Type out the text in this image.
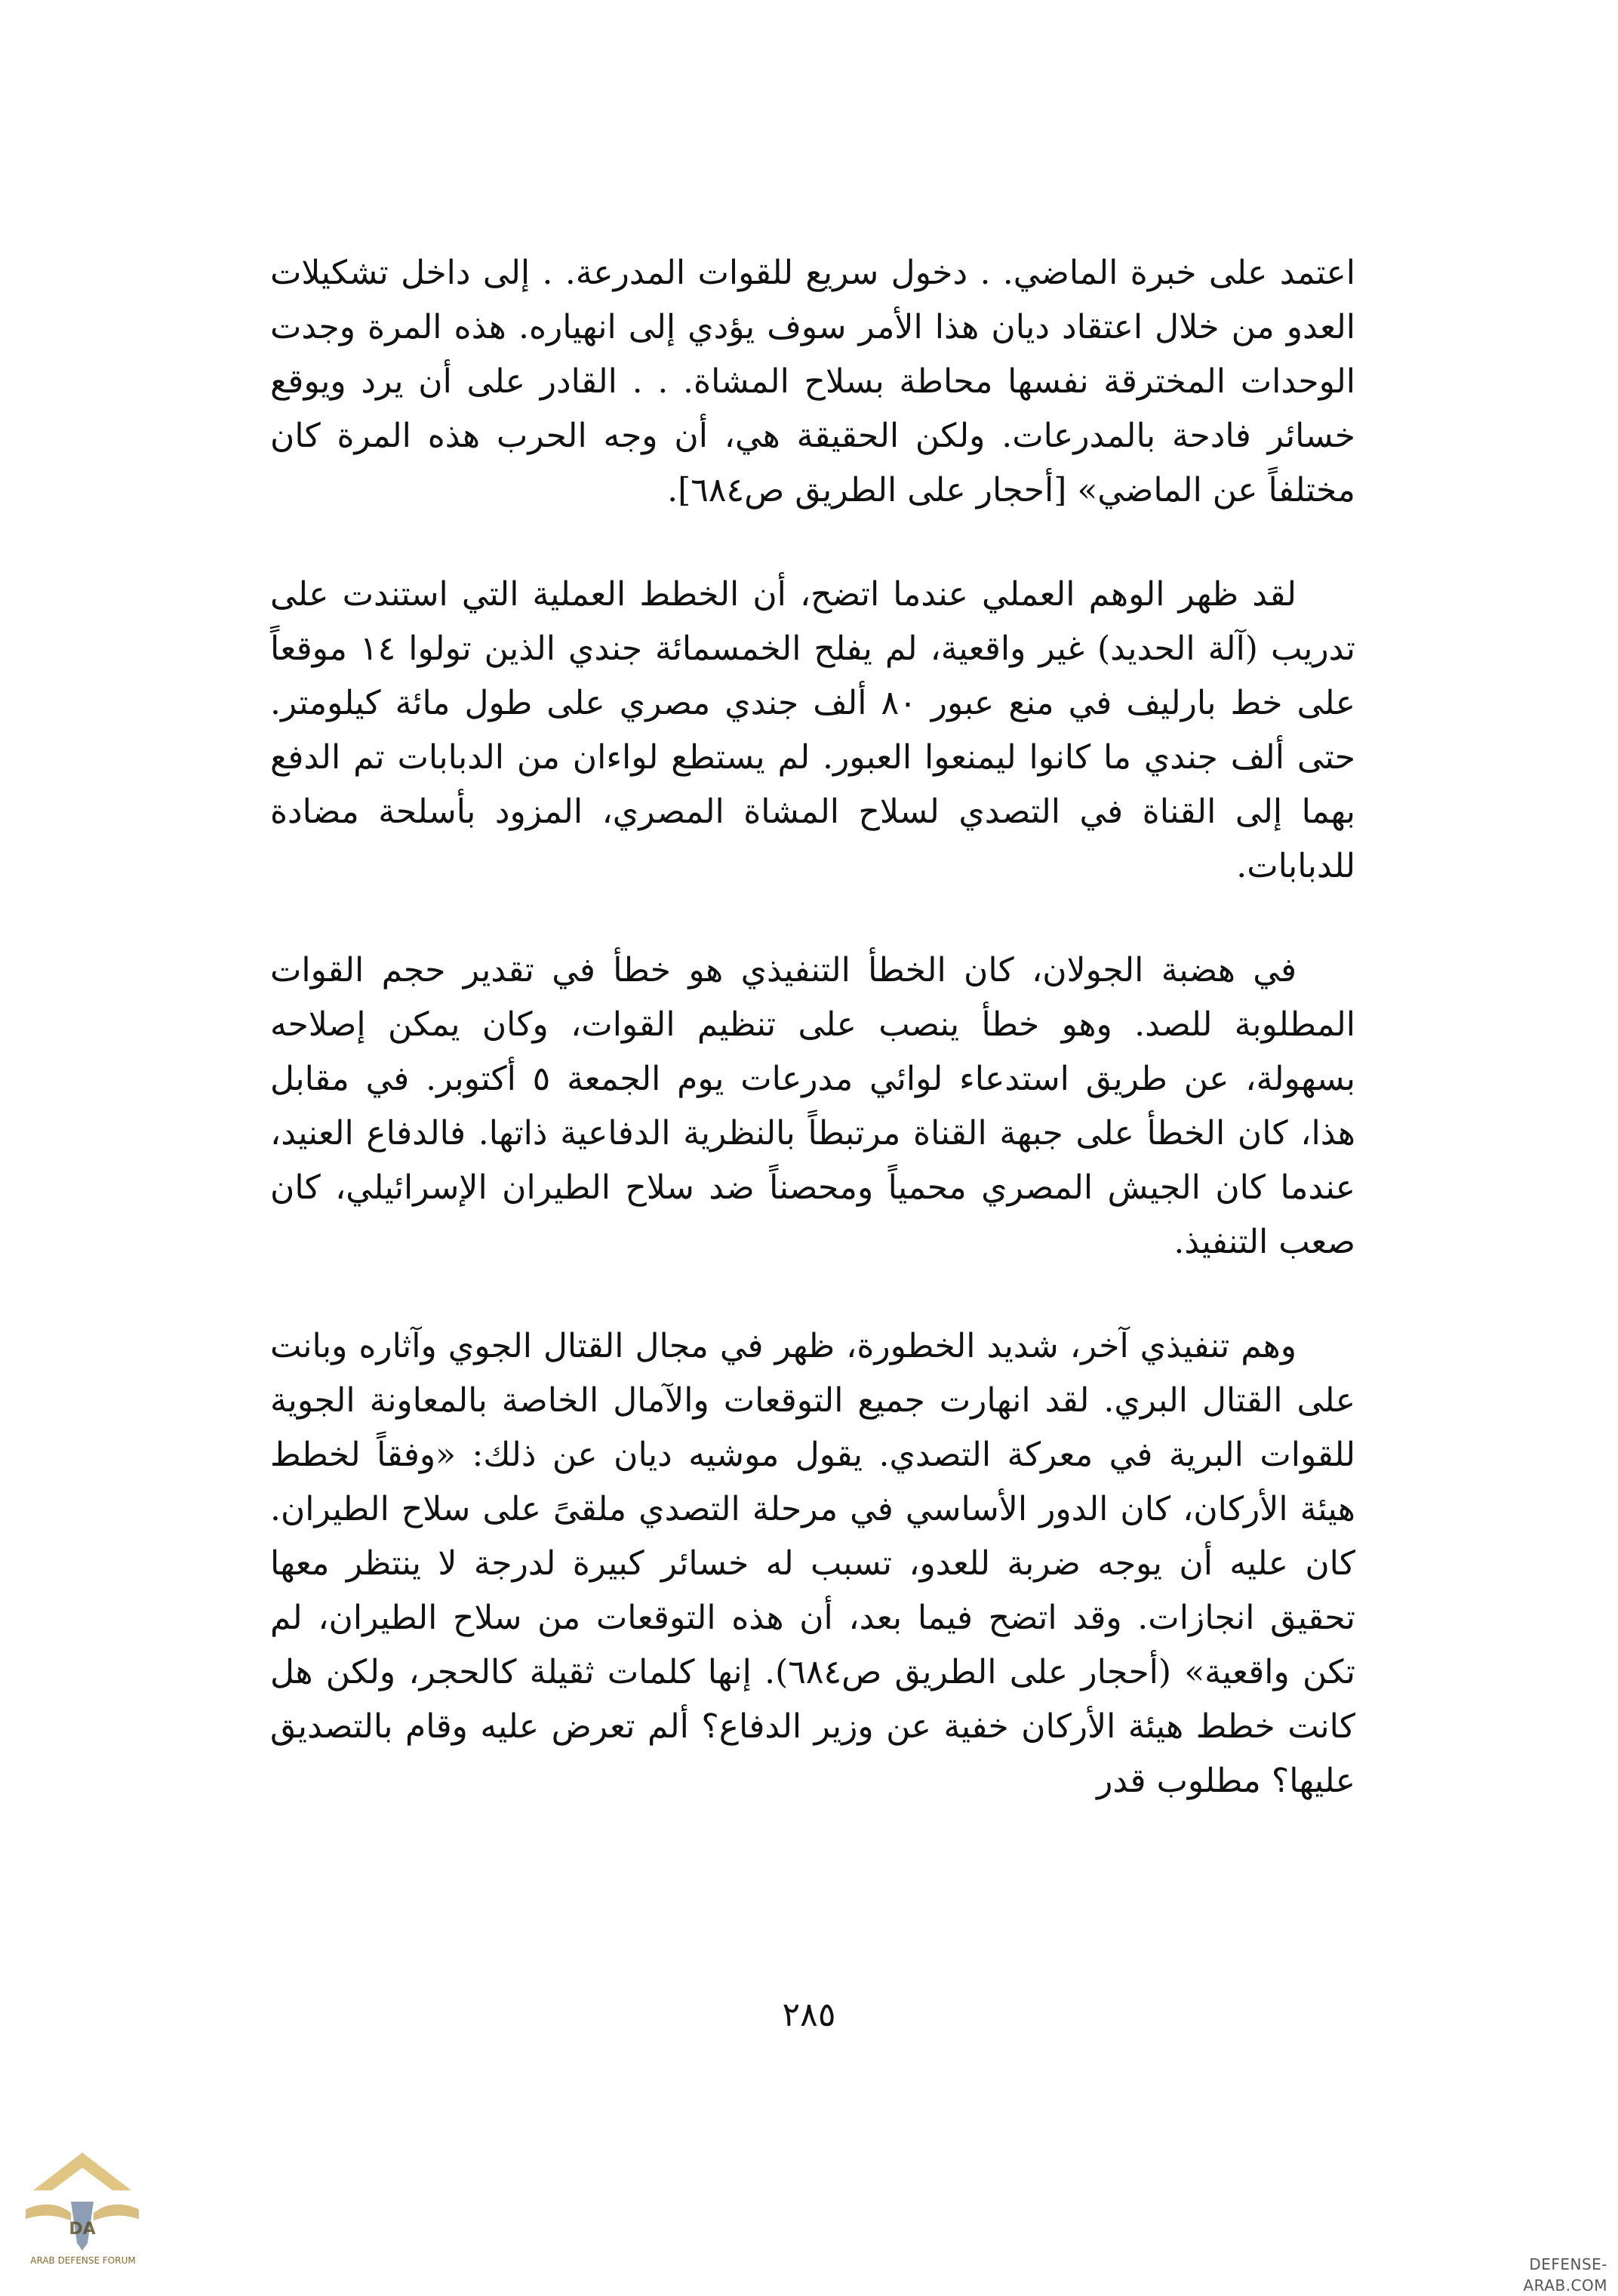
اعتمد على خبرة الماضي. . دخول سريع للقوات المدرعة. . إلى داخل تشكيلات العدو من خلال اعتقاد ديان هذا الأمر سوف يؤدي إلى انهياره. هذه المرة وجدت الوحدات المخترقة نفسها محاطة بسلاح المشاة. . . القادر على أن يرد ويوقع خسائر فادحة بالمدرعات. ولكن الحقيقة هي، أن وجه الحرب هذه المرة كان مختلفاً عن الماضي» [أحجار على الطريق ص٦٨٤].

لقد ظهر الوهم العملي عندما اتضح، أن الخطط العملية التي استندت على تدريب (آلة الحديد) غير واقعية، لم يفلح الخمسمائة جندي الذين تولوا ١٤ موقعاً على خط بارليف في منع عبور ٨٠ ألف جندي مصري على طول مائة كيلومتر. حتى ألف جندي ما كانوا ليمنعوا العبور. لم يستطع لواءان من الدبابات تم الدفع بهما إلى القناة في التصدي لسلاح المشاة المصري، المزود بأسلحة مضادة للدبابات.

في هضبة الجولان، كان الخطأ التنفيذي هو خطأ في تقدير حجم القوات المطلوبة للصد. وهو خطأ ينصب على تنظيم القوات، وكان يمكن إصلاحه بسهولة، عن طريق استدعاء لوائي مدرعات يوم الجمعة ٥ أكتوبر. في مقابل هذا، كان الخطأ على جبهة القناة مرتبطاً بالنظرية الدفاعية ذاتها. فالدفاع العنيد، عندما كان الجيش المصري محمياً ومحصناً ضد سلاح الطيران الإسرائيلي، كان صعب التنفيذ.

وهم تنفيذي آخر، شديد الخطورة، ظهر في مجال القتال الجوي وآثاره وبانت على القتال البري. لقد انهارت جميع التوقعات والآمال الخاصة بالمعاونة الجوية للقوات البرية في معركة التصدي. يقول موشيه ديان عن ذلك: «وفقاً لخطط هيئة الأركان، كان الدور الأساسي في مرحلة التصدي ملقىً على سلاح الطيران. كان عليه أن يوجه ضربة للعدو، تسبب له خسائر كبيرة لدرجة لا ينتظر معها تحقيق انجازات. وقد اتضح فيما بعد، أن هذه التوقعات من سلاح الطيران، لم تكن واقعية» (أحجار على الطريق ص٦٨٤). إنها كلمات ثقيلة كالحجر، ولكن هل كانت خطط هيئة الأركان خفية عن وزير الدفاع؟ ألم تعرض عليه وقام بالتصديق عليها؟ مطلوب قدر

٢٨٥
DA
ARAB DEFENSE FORUM	DEFENSE-ARAB.COM
